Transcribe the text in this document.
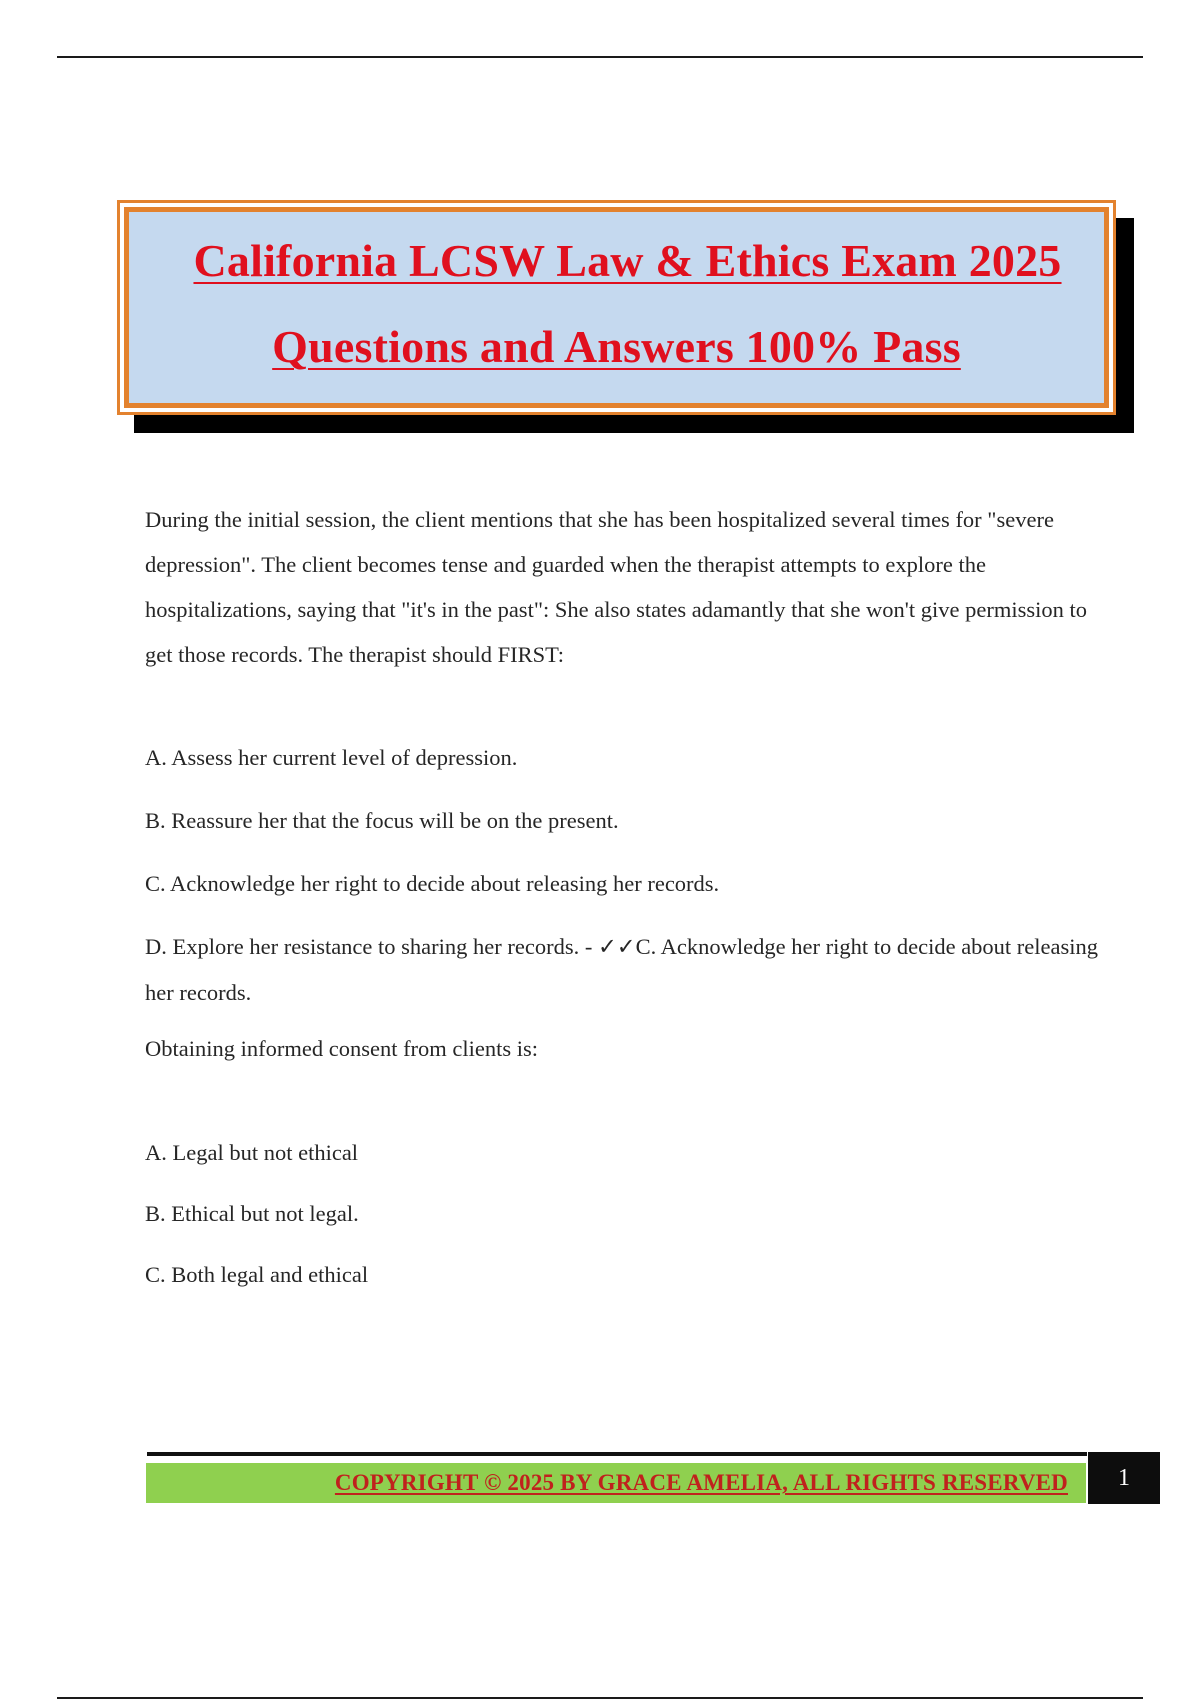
California LCSW Law & Ethics Exam 2025
Questions and Answers 100% Pass

During the initial session, the client mentions that she has been hospitalized several times for "severe depression". The client becomes tense and guarded when the therapist attempts to explore the hospitalizations, saying that "it's in the past": She also states adamantly that she won't give permission to get those records. The therapist should FIRST:

A. Assess her current level of depression.

B. Reassure her that the focus will be on the present.

C. Acknowledge her right to decide about releasing her records.

D. Explore her resistance to sharing her records. - ✓✓C. Acknowledge her right to decide about releasing her records.

Obtaining informed consent from clients is:

A. Legal but not ethical

B. Ethical but not legal.

C. Both legal and ethical

COPYRIGHT © 2025 BY GRACE AMELIA, ALL RIGHTS RESERVED	1
